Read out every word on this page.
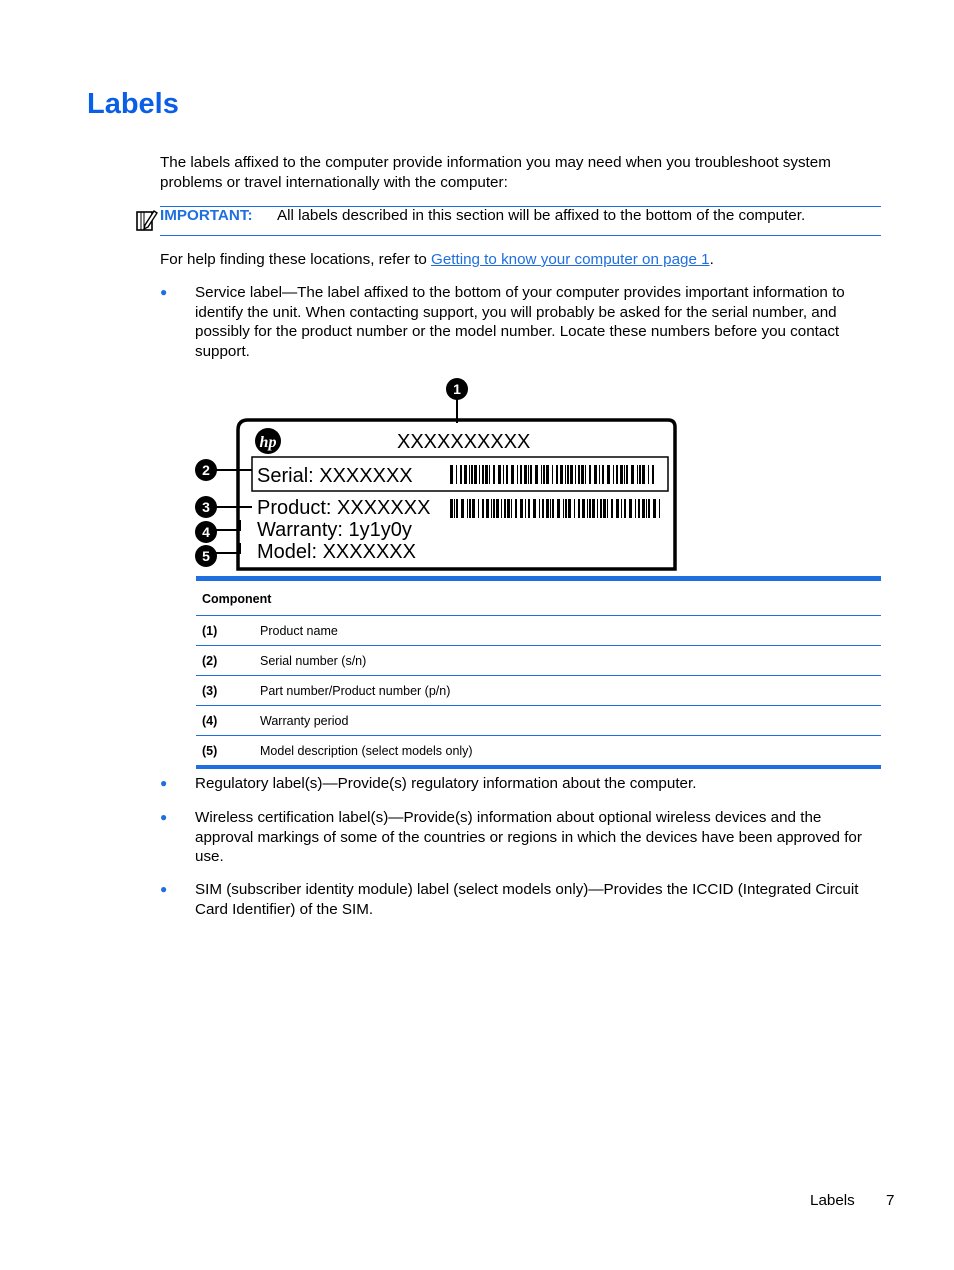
Labels

The labels affixed to the computer provide information you may need when you troubleshoot system problems or travel internationally with the computer:

IMPORTANT: All labels described in this section will be affixed to the bottom of the computer.

For help finding these locations, refer to Getting to know your computer on page 1.

● Service label—The label affixed to the bottom of your computer provides important information to identify the unit. When contacting support, you will probably be asked for the serial number, and possibly for the product number or the model number. Locate these numbers before you contact support.
1
hp	XXXXXXXXXX
Serial: XXXXXXX
Product: XXXXXXX
Warranty: 1y1y0y
Model: XXXXXXX
2
3
4
5
Component	
(1)	Product name
(2)	Serial number (s/n)
(3)	Part number/Product number (p/n)
(4)	Warranty period
(5)	Model description (select models only)
● Regulatory label(s)—Provide(s) regulatory information about the computer.
● Wireless certification label(s)—Provide(s) information about optional wireless devices and the approval markings of some of the countries or regions in which the devices have been approved for use.
● SIM (subscriber identity module) label (select models only)—Provides the ICCID (Integrated Circuit Card Identifier) of the SIM.
Labels 7
